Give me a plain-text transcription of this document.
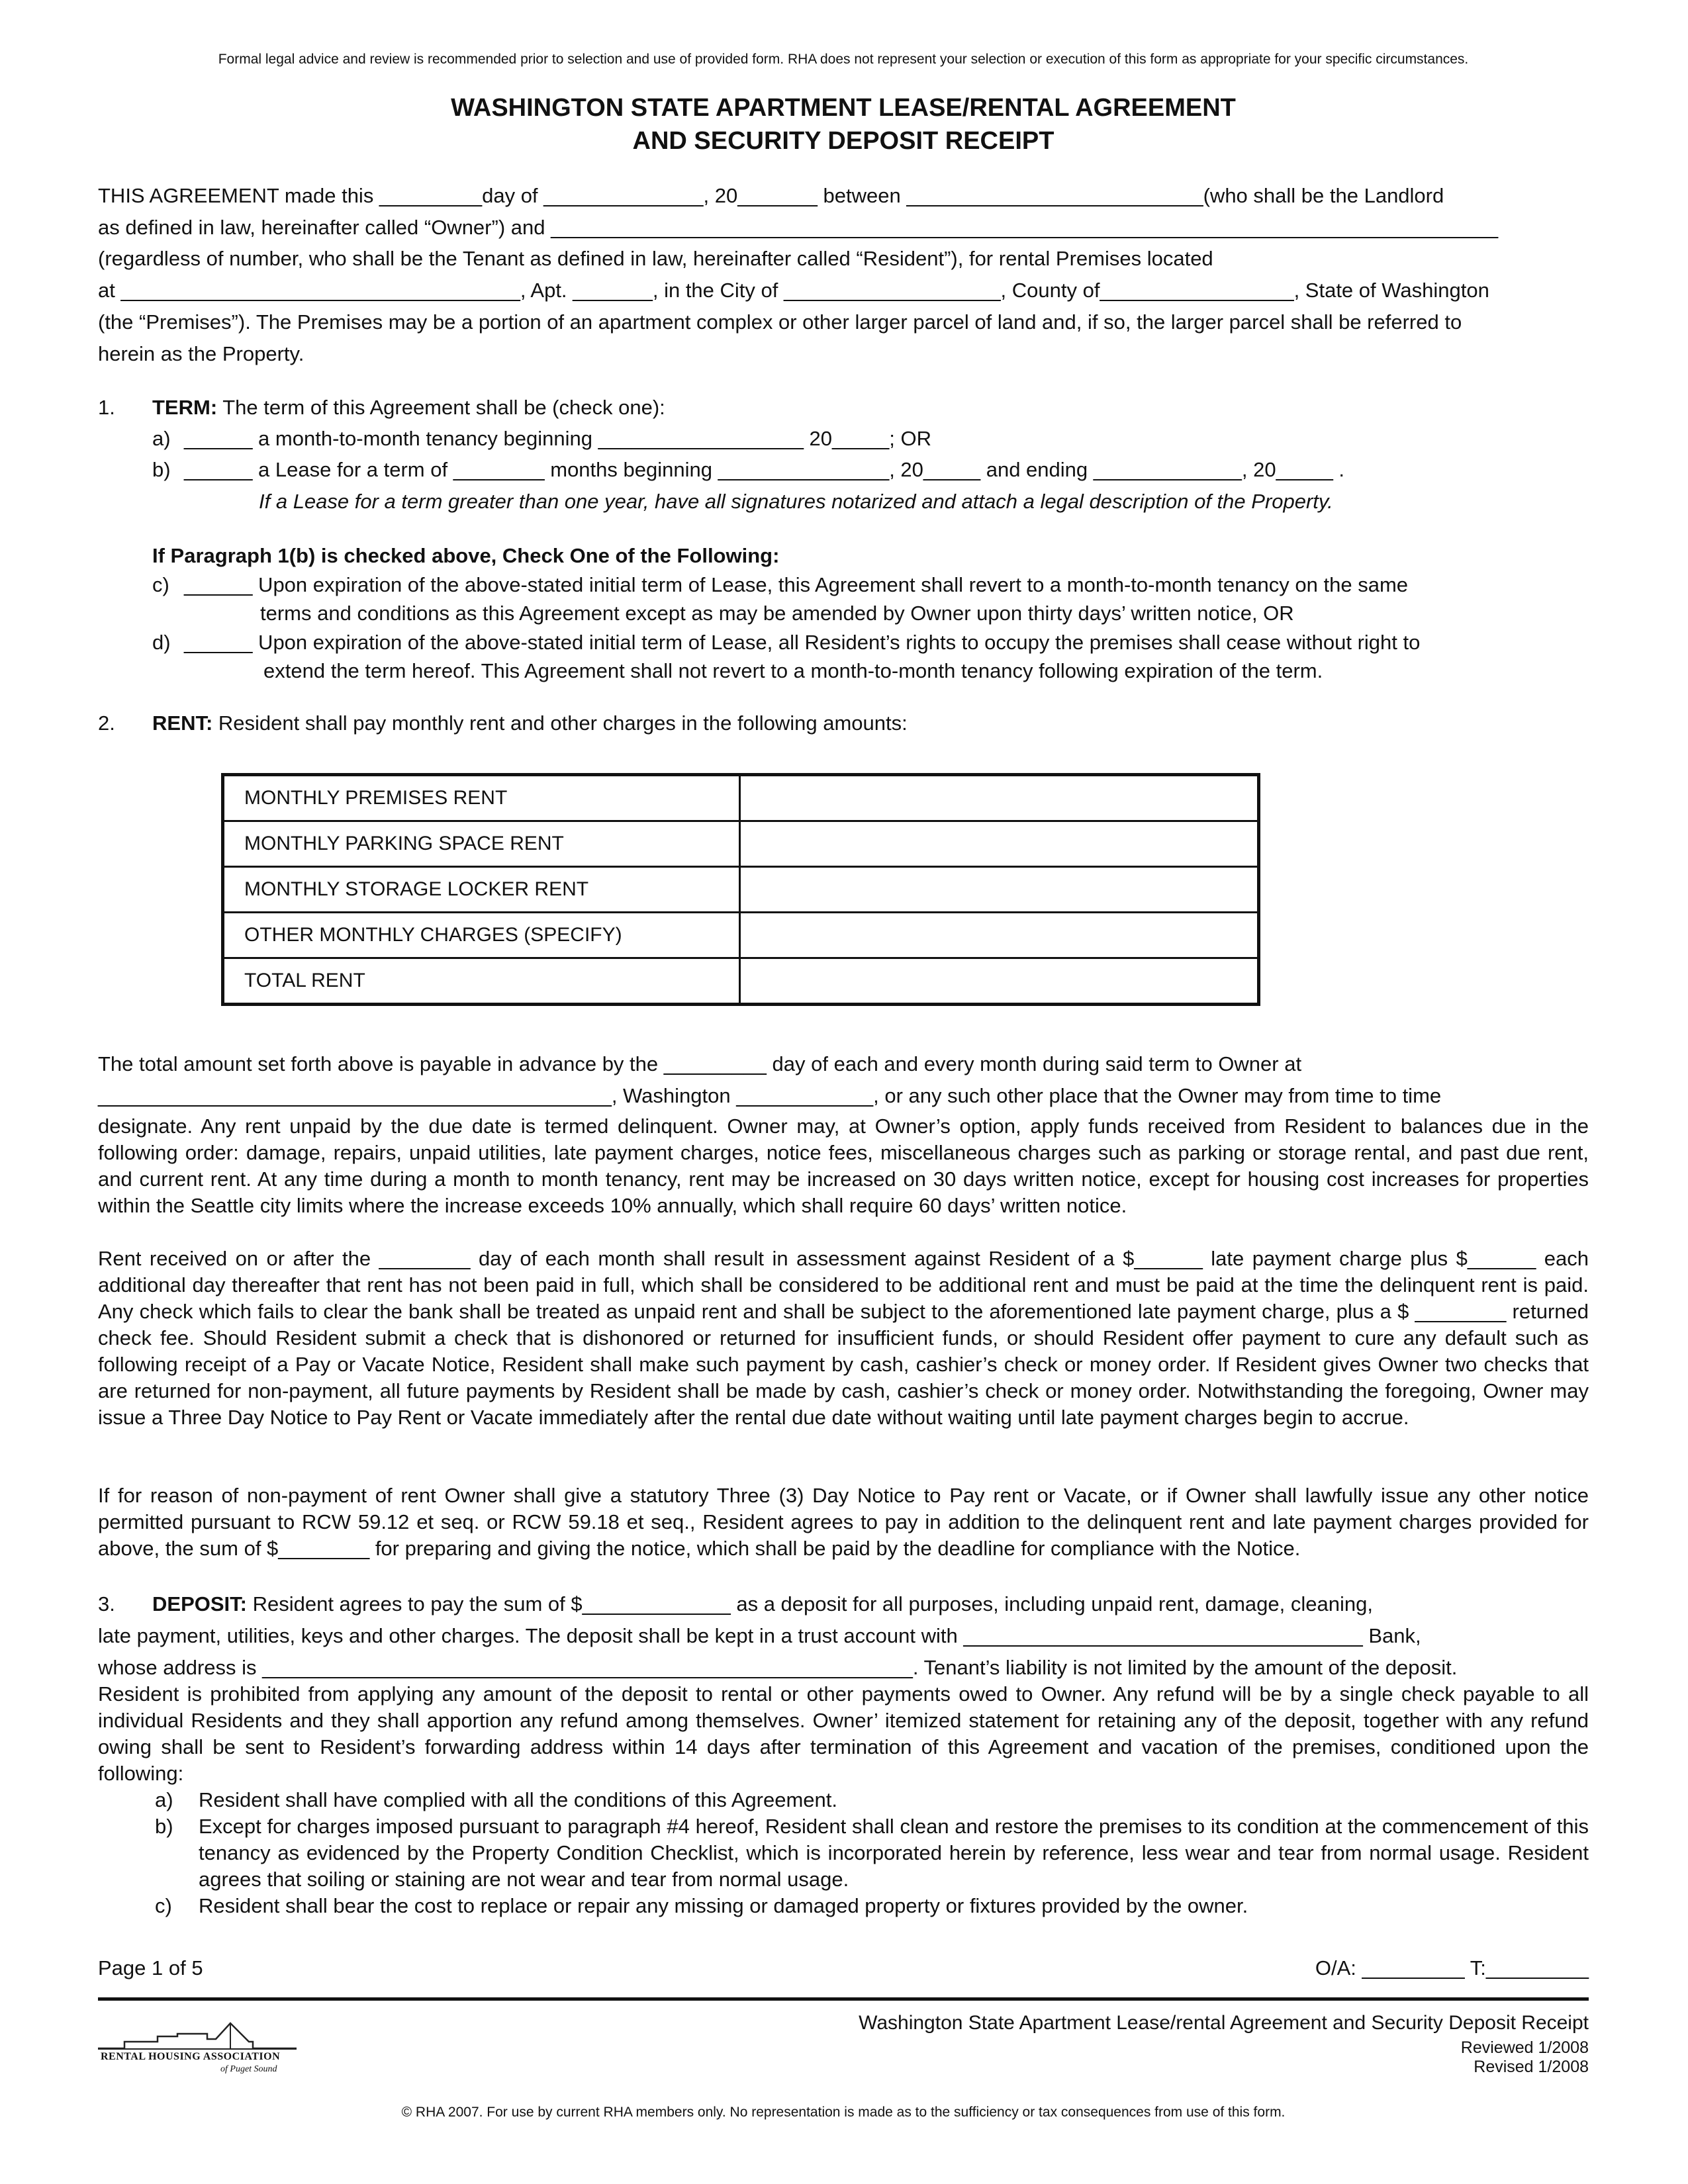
Formal legal advice and review is recommended prior to selection and use of provided form. RHA does not represent your selection or execution of this form as appropriate for your specific circumstances.
WASHINGTON STATE APARTMENT LEASE/RENTAL AGREEMENT
AND SECURITY DEPOSIT RECEIPT
THIS AGREEMENT made this _________day of ______________, 20_______ between __________________________(who shall be the Landlord
as defined in law, hereinafter called “Owner”) and ___________________________________________________________________________________
(regardless of number, who shall be the Tenant as defined in law, hereinafter called “Resident”), for rental Premises located
at ___________________________________, Apt. _______, in the City of ___________________, County of_________________, State of Washington
(the “Premises”). The Premises may be a portion of an apartment complex or other larger parcel of land and, if so, the larger parcel shall be referred to
herein as the Property.
1. TERM: The term of this Agreement shall be (check one):
a) ______ a month-to-month tenancy beginning __________________ 20_____; OR
b) ______ a Lease for a term of ________ months beginning _______________, 20_____ and ending _____________, 20_____ .
If a Lease for a term greater than one year, have all signatures notarized and attach a legal description of the Property.
If Paragraph 1(b) is checked above, Check One of the Following:
c) ______ Upon expiration of the above-stated initial term of Lease, this Agreement shall revert to a month-to-month tenancy on the same
terms and conditions as this Agreement except as may be amended by Owner upon thirty days’ written notice, OR
d) ______ Upon expiration of the above-stated initial term of Lease, all Resident’s rights to occupy the premises shall cease without right to
extend the term hereof. This Agreement shall not revert to a month-to-month tenancy following expiration of the term.
2. RENT: Resident shall pay monthly rent and other charges in the following amounts:
MONTHLY PREMISES RENT	
MONTHLY PARKING SPACE RENT	
MONTHLY STORAGE LOCKER RENT	
OTHER MONTHLY CHARGES (SPECIFY)	
TOTAL RENT	
The total amount set forth above is payable in advance by the _________ day of each and every month during said term to Owner at
_____________________________________________, Washington ____________, or any such other place that the Owner may from time to time

designate. Any rent unpaid by the due date is termed delinquent. Owner may, at Owner’s option, apply funds received from Resident to balances due in the following order: damage, repairs, unpaid utilities, late payment charges, notice fees, miscellaneous charges such as parking or storage rental, and past due rent, and current rent. At any time during a month to month tenancy, rent may be increased on 30 days written notice, except for housing cost increases for properties within the Seattle city limits where the increase exceeds 10% annually, which shall require 60 days’ written notice.

Rent received on or after the ________ day of each month shall result in assessment against Resident of a $______ late payment charge plus $______ each additional day thereafter that rent has not been paid in full, which shall be considered to be additional rent and must be paid at the time the delinquent rent is paid. Any check which fails to clear the bank shall be treated as unpaid rent and shall be subject to the aforementioned late payment charge, plus a $ ________ returned check fee. Should Resident submit a check that is dishonored or returned for insufficient funds, or should Resident offer payment to cure any default such as following receipt of a Pay or Vacate Notice, Resident shall make such payment by cash, cashier’s check or money order. If Resident gives Owner two checks that are returned for non-payment, all future payments by Resident shall be made by cash, cashier’s check or money order. Notwithstanding the foregoing, Owner may issue a Three Day Notice to Pay Rent or Vacate immediately after the rental due date without waiting until late payment charges begin to accrue.

If for reason of non-payment of rent Owner shall give a statutory Three (3) Day Notice to Pay rent or Vacate, or if Owner shall lawfully issue any other notice permitted pursuant to RCW 59.12 et seq. or RCW 59.18 et seq., Resident agrees to pay in addition to the delinquent rent and late payment charges provided for above, the sum of $________ for preparing and giving the notice, which shall be paid by the deadline for compliance with the Notice.

3. DEPOSIT: Resident agrees to pay the sum of $_____________ as a deposit for all purposes, including unpaid rent, damage, cleaning,
late payment, utilities, keys and other charges. The deposit shall be kept in a trust account with ___________________________________ Bank,
whose address is _________________________________________________________. Tenant’s liability is not limited by the amount of the deposit.

Resident is prohibited from applying any amount of the deposit to rental or other payments owed to Owner. Any refund will be by a single check payable to all individual Residents and they shall apportion any refund among themselves. Owner’ itemized statement for retaining any of the deposit, together with any refund owing shall be sent to Resident’s forwarding address within 14 days after termination of this Agreement and vacation of the premises, conditioned upon the following:

a) Resident shall have complied with all the conditions of this Agreement.

b) Except for charges imposed pursuant to paragraph #4 hereof, Resident shall clean and restore the premises to its condition at the commencement of this tenancy as evidenced by the Property Condition Checklist, which is incorporated herein by reference, less wear and tear from normal usage. Resident agrees that soiling or staining are not wear and tear from normal usage.

c) Resident shall bear the cost to replace or repair any missing or damaged property or fixtures provided by the owner.

Page 1 of 5	O/A: _________ T:_________
RENTAL HOUSING ASSOCIATION
of Puget Sound
Washington State Apartment Lease/rental Agreement and Security Deposit Receipt
Reviewed 1/2008
Revised 1/2008
© RHA 2007. For use by current RHA members only. No representation is made as to the sufficiency or tax consequences from use of this form.
